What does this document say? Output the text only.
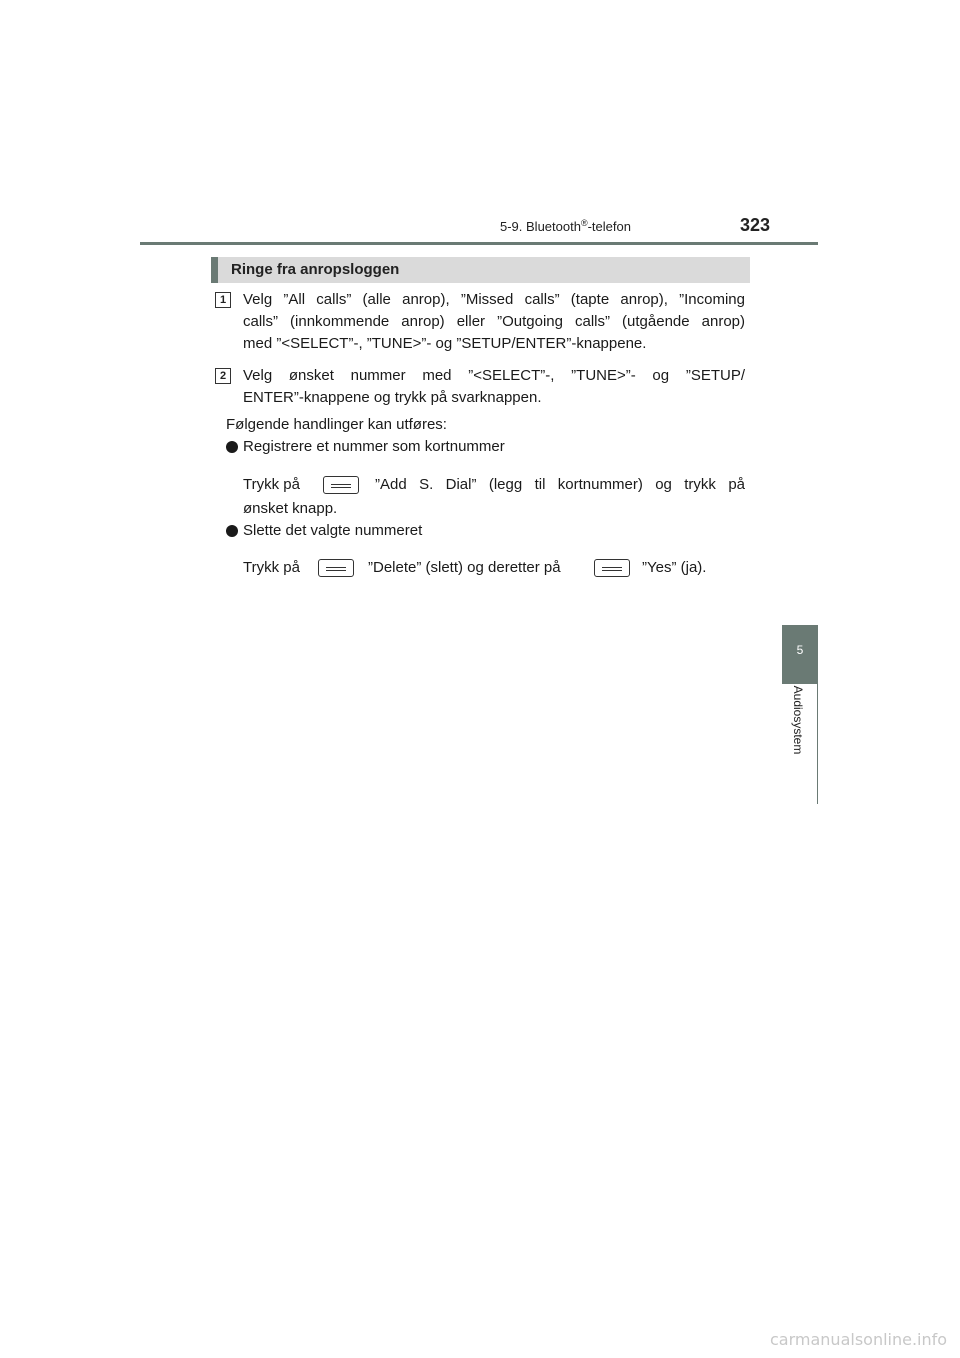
5-9. Bluetooth®-telefon	323
Ringe fra anropsloggen
1	Velg ”All calls” (alle anrop), ”Missed calls” (tapte anrop), ”Incoming
calls” (innkommende anrop) eller ”Outgoing calls” (utgående anrop)
med ”<SELECT”-, ”TUNE>”- og ”SETUP/ENTER”-knappene.
2	Velg ønsket nummer med ”<SELECT”-, ”TUNE>”- og ”SETUP/
ENTER”-knappene og trykk på svarknappen.
Følgende handlinger kan utføres:
Registrere et nummer som kortnummer
Trykk på	”Add S. Dial” (legg til kortnummer) og trykk på
ønsket knapp.
Slette det valgte nummeret
Trykk på	”Delete” (slett) og deretter på	”Yes” (ja).
5
Audiosystem
carmanualsonline.info
